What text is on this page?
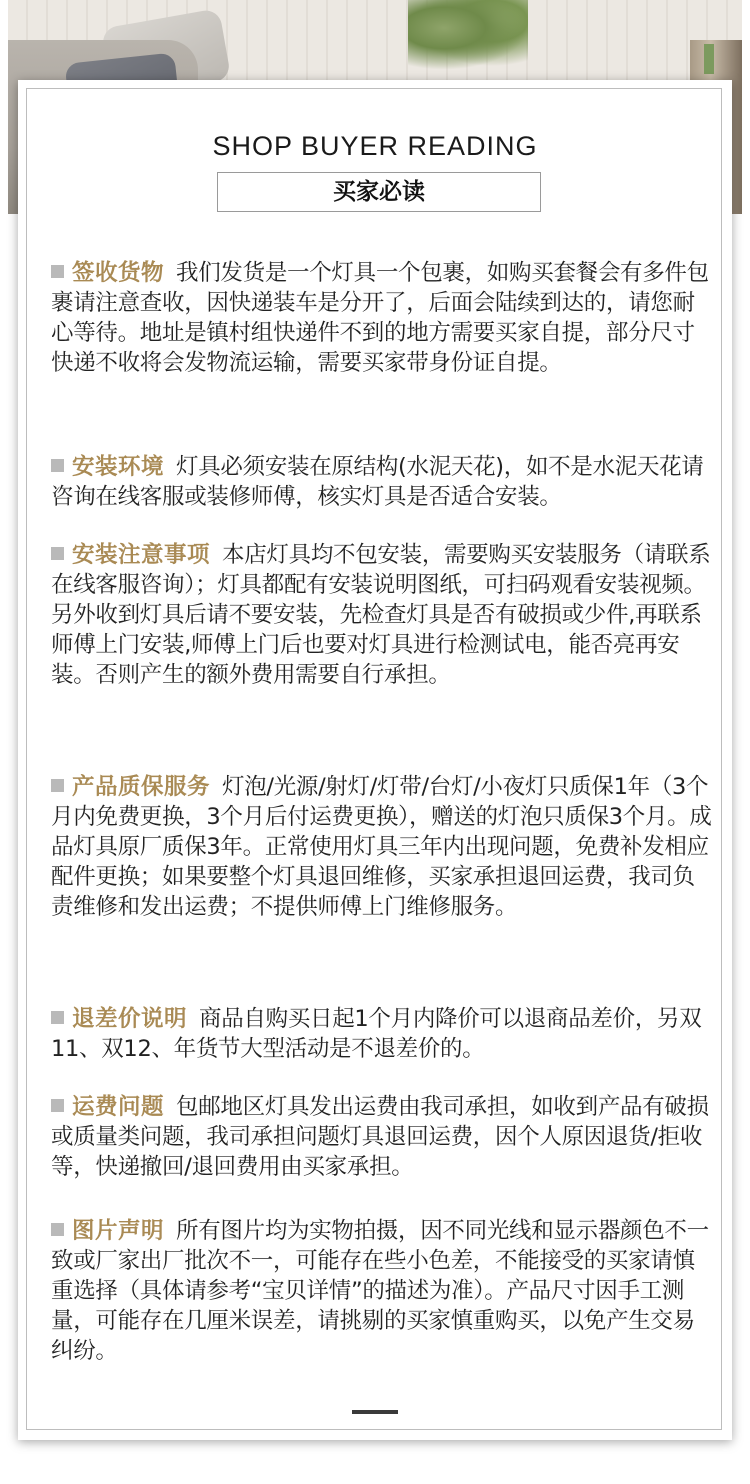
SHOP BUYER READING
买家必读
签收货物 我们发货是一个灯具一个包裹，如购买套餐会有多件包裹请注意查收，因快递装车是分开了，后面会陆续到达的，请您耐心等待。地址是镇村组快递件不到的地方需要买家自提，部分尺寸快递不收将会发物流运输，需要买家带身份证自提。
安装环境 灯具必须安装在原结构(水泥天花)，如不是水泥天花请咨询在线客服或装修师傅，核实灯具是否适合安装。
安装注意事项 本店灯具均不包安装，需要购买安装服务（请联系在线客服咨询）；灯具都配有安装说明图纸，可扫码观看安装视频。另外收到灯具后请不要安装，先检查灯具是否有破损或少件,再联系师傅上门安装,师傅上门后也要对灯具进行检测试电，能否亮再安装。否则产生的额外费用需要自行承担。
产品质保服务 灯泡/光源/射灯/灯带/台灯/小夜灯只质保1年（3个月内免费更换，3个月后付运费更换），赠送的灯泡只质保3个月。成品灯具原厂质保3年。正常使用灯具三年内出现问题，免费补发相应配件更换；如果要整个灯具退回维修，买家承担退回运费，我司负责维修和发出运费；不提供师傅上门维修服务。
退差价说明 商品自购买日起1个月内降价可以退商品差价，另双11、双12、年货节大型活动是不退差价的。
运费问题 包邮地区灯具发出运费由我司承担，如收到产品有破损或质量类问题，我司承担问题灯具退回运费，因个人原因退货/拒收等，快递撤回/退回费用由买家承担。
图片声明 所有图片均为实物拍摄，因不同光线和显示器颜色不一致或厂家出厂批次不一，可能存在些小色差，不能接受的买家请慎重选择（具体请参考“宝贝详情”的描述为准）。产品尺寸因手工测量，可能存在几厘米误差，请挑剔的买家慎重购买，以免产生交易纠纷。
